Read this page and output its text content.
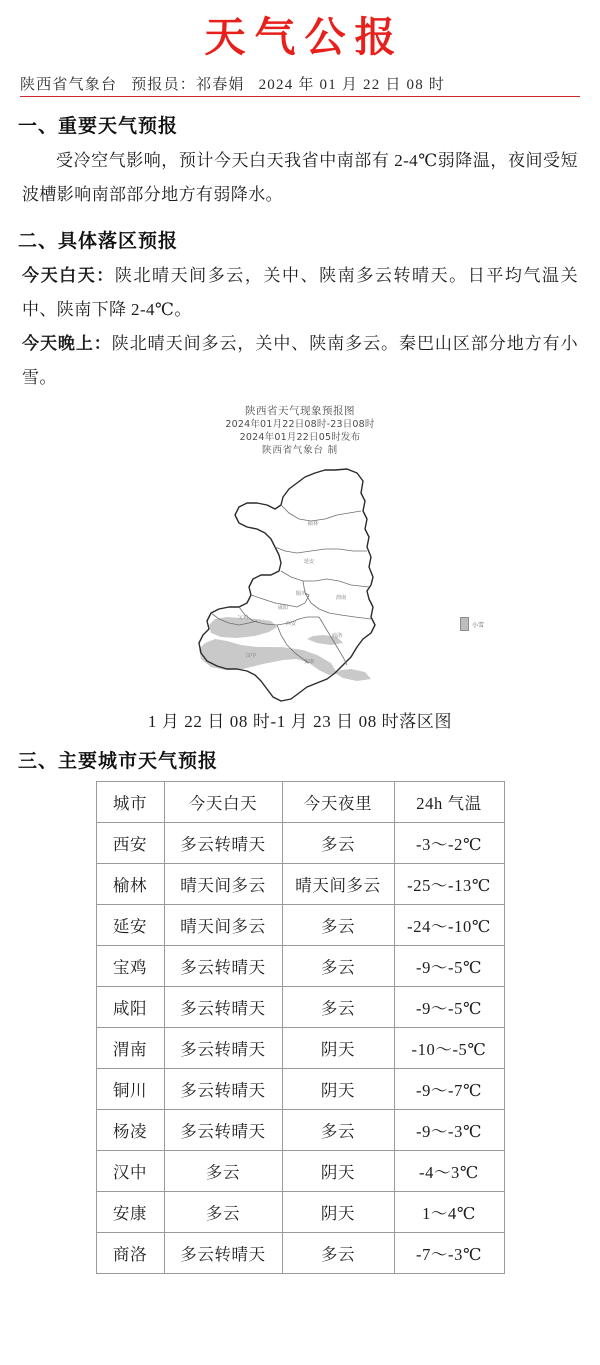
天气公报
陕西省气象台 预报员：祁春娟 2024 年 01 月 22 日 08 时
一、重要天气预报

受冷空气影响，预计今天白天我省中南部有 2-4℃弱降温，夜间受短波槽影响南部部分地方有弱降水。

二、具体落区预报

今天白天：陕北晴天间多云，关中、陕南多云转晴天。日平均气温关中、陕南下降 2-4℃。

今天晚上：陕北晴天间多云，关中、陕南多云。秦巴山区部分地方有小雪。

陕西省天气现象预报图
2024年01月22日08时-23日08时
2024年01月22日05时发布
陕西省气象台 制
榆林
延安
铜川
渭南
宝鸡
咸阳
西安
商洛
汉中
安康
小雪
1 月 22 日 08 时-1 月 23 日 08 时落区图
三、主要城市天气预报
城市	今天白天	今天夜里	24h 气温
西安	多云转晴天	多云	-3～-2℃
榆林	晴天间多云	晴天间多云	-25～-13℃
延安	晴天间多云	多云	-24～-10℃
宝鸡	多云转晴天	多云	-9～-5℃
咸阳	多云转晴天	多云	-9～-5℃
渭南	多云转晴天	阴天	-10～-5℃
铜川	多云转晴天	阴天	-9～-7℃
杨凌	多云转晴天	多云	-9～-3℃
汉中	多云	阴天	-4～3℃
安康	多云	阴天	1～4℃
商洛	多云转晴天	多云	-7～-3℃
